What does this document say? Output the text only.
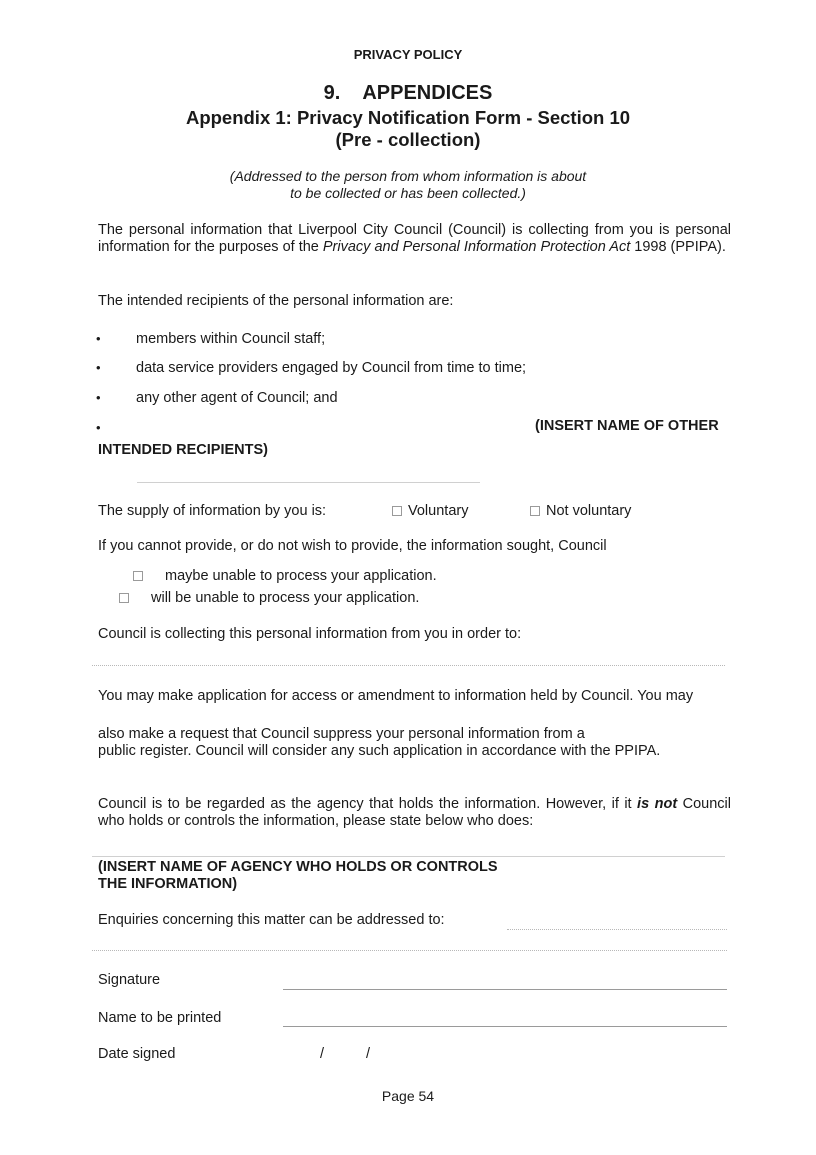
PRIVACY POLICY
9. APPENDICES
Appendix 1: Privacy Notification Form - Section 10
(Pre - collection)
(Addressed to the person from whom information is about
to be collected or has been collected.)
The personal information that Liverpool City Council (Council) is collecting from you is personal information for the purposes of the Privacy and Personal Information Protection Act 1998 (PPIPA).
The intended recipients of the personal information are:
• members within Council staff;
• data service providers engaged by Council from time to time;
• any other agent of Council; and
•	(INSERT NAME OF OTHER
INTENDED RECIPIENTS)
The supply of information by you is:	Voluntary	Not voluntary
If you cannot provide, or do not wish to provide, the information sought, Council
maybe unable to process your application.
will be unable to process your application.
Council is collecting this personal information from you in order to:
You may make application for access or amendment to information held by Council. You may
also make a request that Council suppress your personal information from a
public register. Council will consider any such application in accordance with the PPIPA.
Council is to be regarded as the agency that holds the information. However, if it is not Council who holds or controls the information, please state below who does:
(INSERT NAME OF AGENCY WHO HOLDS OR CONTROLS
THE INFORMATION)
Enquiries concerning this matter can be addressed to:
Signature
Name to be printed
Date signed	/	/
Page 54
